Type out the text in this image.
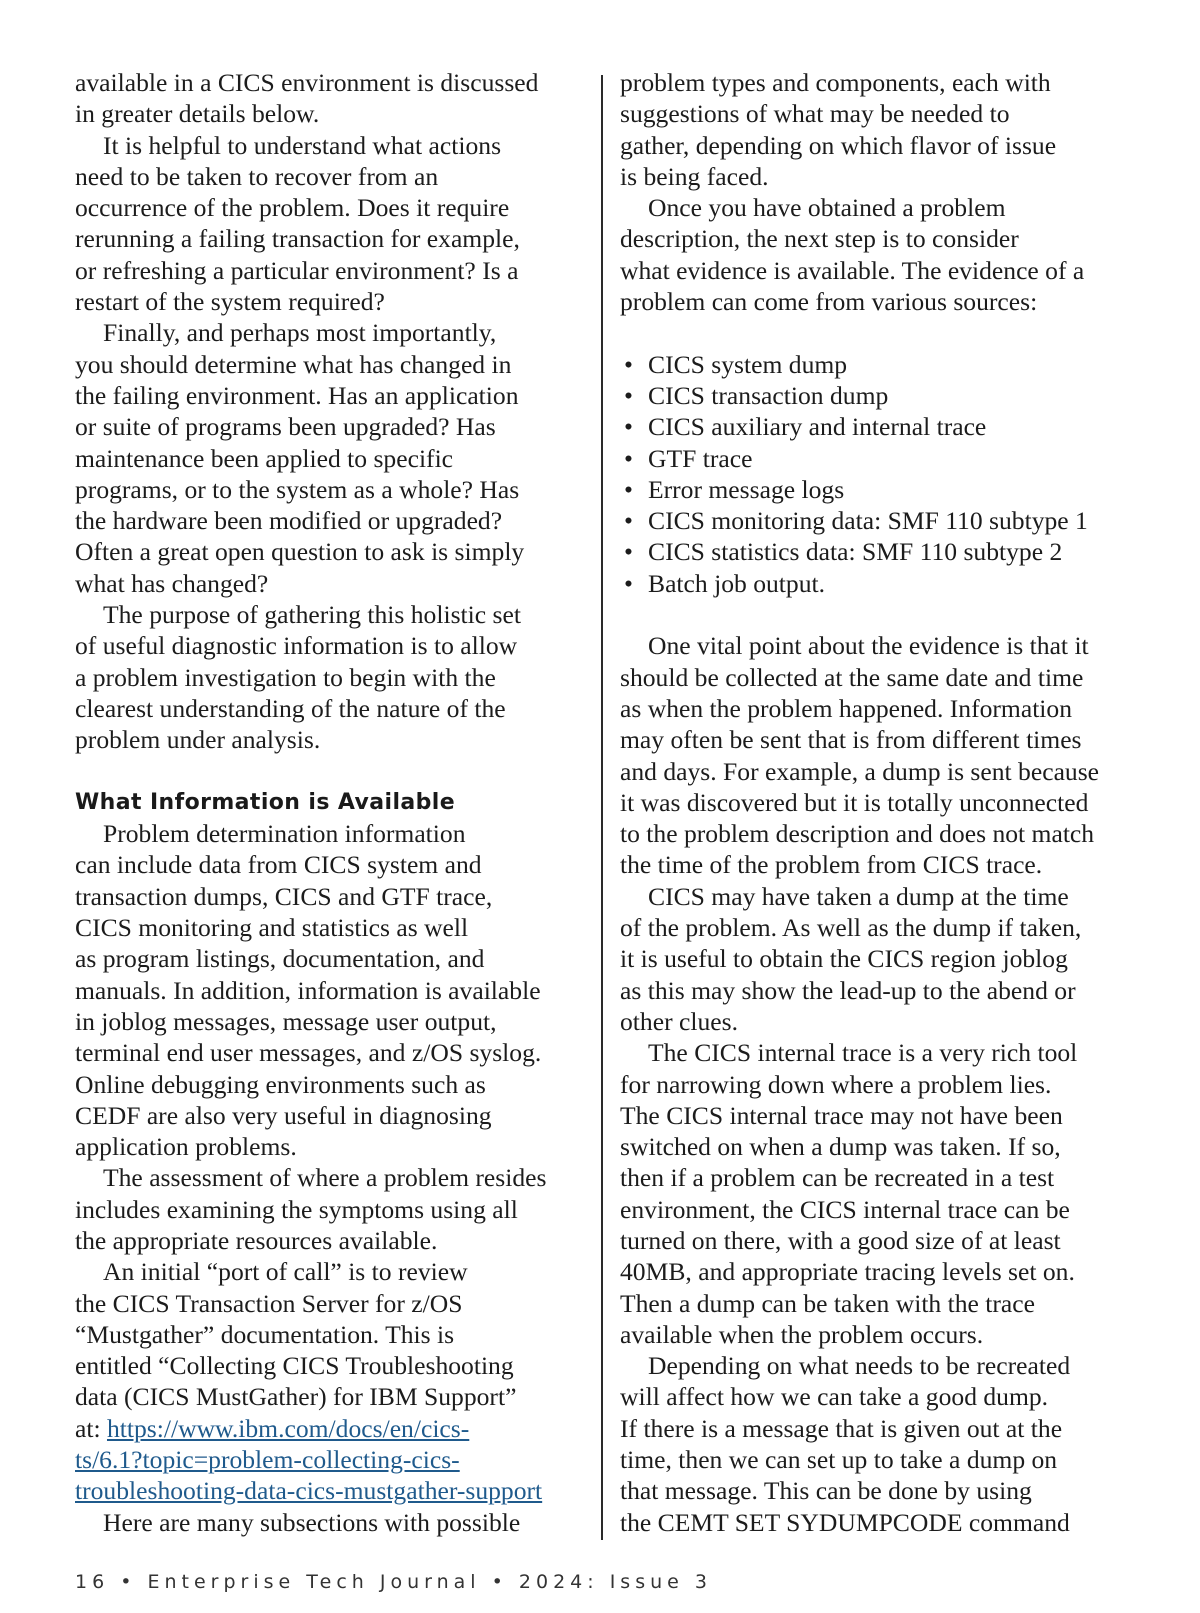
available in a CICS environment is discussed
in greater details below.
It is helpful to understand what actions
need to be taken to recover from an
occurrence of the problem. Does it require
rerunning a failing transaction for example,
or refreshing a particular environment? Is a
restart of the system required?
Finally, and perhaps most importantly,
you should determine what has changed in
the failing environment. Has an application
or suite of programs been upgraded? Has
maintenance been applied to specific
programs, or to the system as a whole? Has
the hardware been modified or upgraded?
Often a great open question to ask is simply
what has changed?
The purpose of gathering this holistic set
of useful diagnostic information is to allow
a problem investigation to begin with the
clearest understanding of the nature of the
problem under analysis.
What Information is Available
Problem determination information
can include data from CICS system and
transaction dumps, CICS and GTF trace,
CICS monitoring and statistics as well
as program listings, documentation, and
manuals. In addition, information is available
in joblog messages, message user output,
terminal end user messages, and z/OS syslog.
Online debugging environments such as
CEDF are also very useful in diagnosing
application problems.
The assessment of where a problem resides
includes examining the symptoms using all
the appropriate resources available.
An initial “port of call” is to review
the CICS Transaction Server for z/OS
“Mustgather” documentation. This is
entitled “Collecting CICS Troubleshooting
data (CICS MustGather) for IBM Support”
at: https://www.ibm.com/docs/en/cics-
ts/6.1?topic=problem-collecting-cics-
troubleshooting-data-cics-mustgather-support
Here are many subsections with possible
problem types and components, each with
suggestions of what may be needed to
gather, depending on which flavor of issue
is being faced.
Once you have obtained a problem
description, the next step is to consider
what evidence is available. The evidence of a
problem can come from various sources:
• CICS system dump
• CICS transaction dump
• CICS auxiliary and internal trace
• GTF trace
• Error message logs
• CICS monitoring data: SMF 110 subtype 1
• CICS statistics data: SMF 110 subtype 2
• Batch job output.
One vital point about the evidence is that it
should be collected at the same date and time
as when the problem happened. Information
may often be sent that is from different times
and days. For example, a dump is sent because
it was discovered but it is totally unconnected
to the problem description and does not match
the time of the problem from CICS trace.
CICS may have taken a dump at the time
of the problem. As well as the dump if taken,
it is useful to obtain the CICS region joblog
as this may show the lead-up to the abend or
other clues.
The CICS internal trace is a very rich tool
for narrowing down where a problem lies.
The CICS internal trace may not have been
switched on when a dump was taken. If so,
then if a problem can be recreated in a test
environment, the CICS internal trace can be
turned on there, with a good size of at least
40MB, and appropriate tracing levels set on.
Then a dump can be taken with the trace
available when the problem occurs.
Depending on what needs to be recreated
will affect how we can take a good dump.
If there is a message that is given out at the
time, then we can set up to take a dump on
that message. This can be done by using
the CEMT SET SYDUMPCODE command
16 • Enterprise Tech Journal • 2024: Issue 3
